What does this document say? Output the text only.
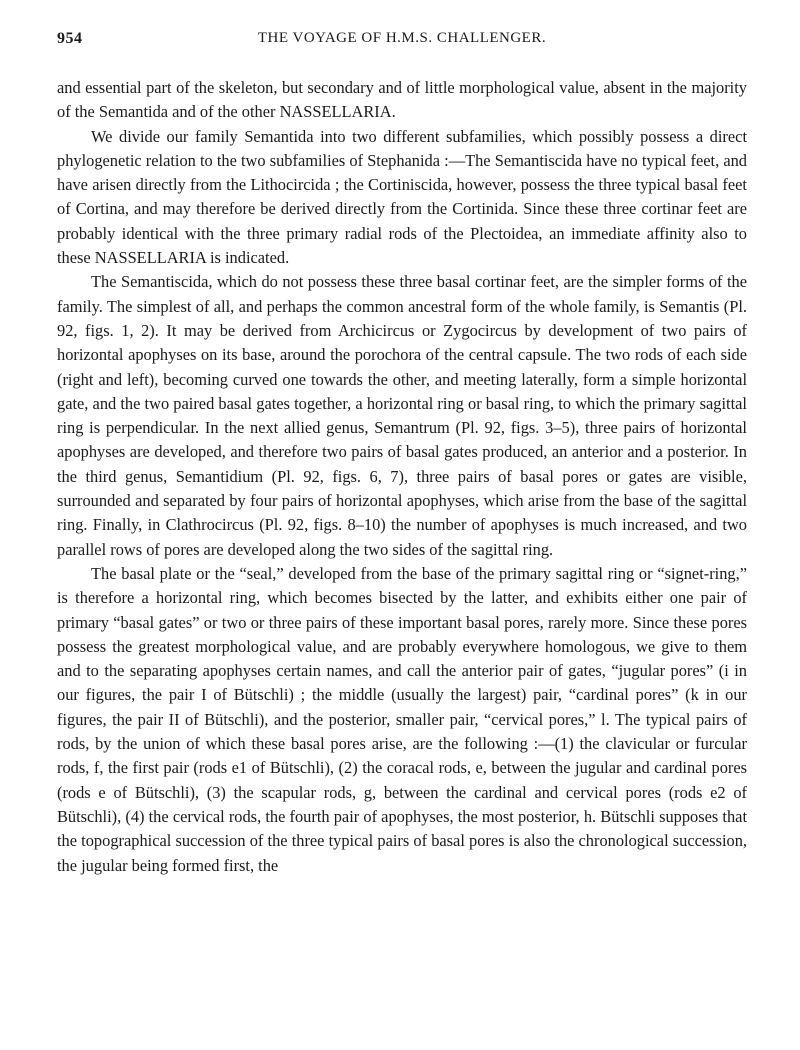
954	THE VOYAGE OF H.M.S. CHALLENGER.

and essential part of the skeleton, but secondary and of little morphological value, absent in the majority of the Semantida and of the other NASSELLARIA.

We divide our family Semantida into two different subfamilies, which possibly possess a direct phylogenetic relation to the two subfamilies of Stephanida :—The Semantiscida have no typical feet, and have arisen directly from the Lithocircida ; the Cortiniscida, however, possess the three typical basal feet of Cortina, and may therefore be derived directly from the Cortinida. Since these three cortinar feet are probably identical with the three primary radial rods of the Plectoidea, an immediate affinity also to these NASSELLARIA is indicated.

The Semantiscida, which do not possess these three basal cortinar feet, are the simpler forms of the family. The simplest of all, and perhaps the common ancestral form of the whole family, is Semantis (Pl. 92, figs. 1, 2). It may be derived from Archicircus or Zygocircus by development of two pairs of horizontal apophyses on its base, around the porochora of the central capsule. The two rods of each side (right and left), becoming curved one towards the other, and meeting laterally, form a simple horizontal gate, and the two paired basal gates together, a horizontal ring or basal ring, to which the primary sagittal ring is perpendicular. In the next allied genus, Semantrum (Pl. 92, figs. 3–5), three pairs of horizontal apophyses are developed, and therefore two pairs of basal gates produced, an anterior and a posterior. In the third genus, Semantidium (Pl. 92, figs. 6, 7), three pairs of basal pores or gates are visible, surrounded and separated by four pairs of horizontal apophyses, which arise from the base of the sagittal ring. Finally, in Clathrocircus (Pl. 92, figs. 8–10) the number of apophyses is much increased, and two parallel rows of pores are developed along the two sides of the sagittal ring.

The basal plate or the “seal,” developed from the base of the primary sagittal ring or “signet-ring,” is therefore a horizontal ring, which becomes bisected by the latter, and exhibits either one pair of primary “basal gates” or two or three pairs of these important basal pores, rarely more. Since these pores possess the greatest morphological value, and are probably everywhere homologous, we give to them and to the separating apophyses certain names, and call the anterior pair of gates, “jugular pores” (i in our figures, the pair I of Bütschli) ; the middle (usually the largest) pair, “cardinal pores” (k in our figures, the pair II of Bütschli), and the posterior, smaller pair, “cervical pores,” l. The typical pairs of rods, by the union of which these basal pores arise, are the following :—(1) the clavicular or furcular rods, f, the first pair (rods e1 of Bütschli), (2) the coracal rods, e, between the jugular and cardinal pores (rods e of Bütschli), (3) the scapular rods, g, between the cardinal and cervical pores (rods e2 of Bütschli), (4) the cervical rods, the fourth pair of apophyses, the most posterior, h. Bütschli supposes that the topographical succession of the three typical pairs of basal pores is also the chronological succession, the jugular being formed first, the
